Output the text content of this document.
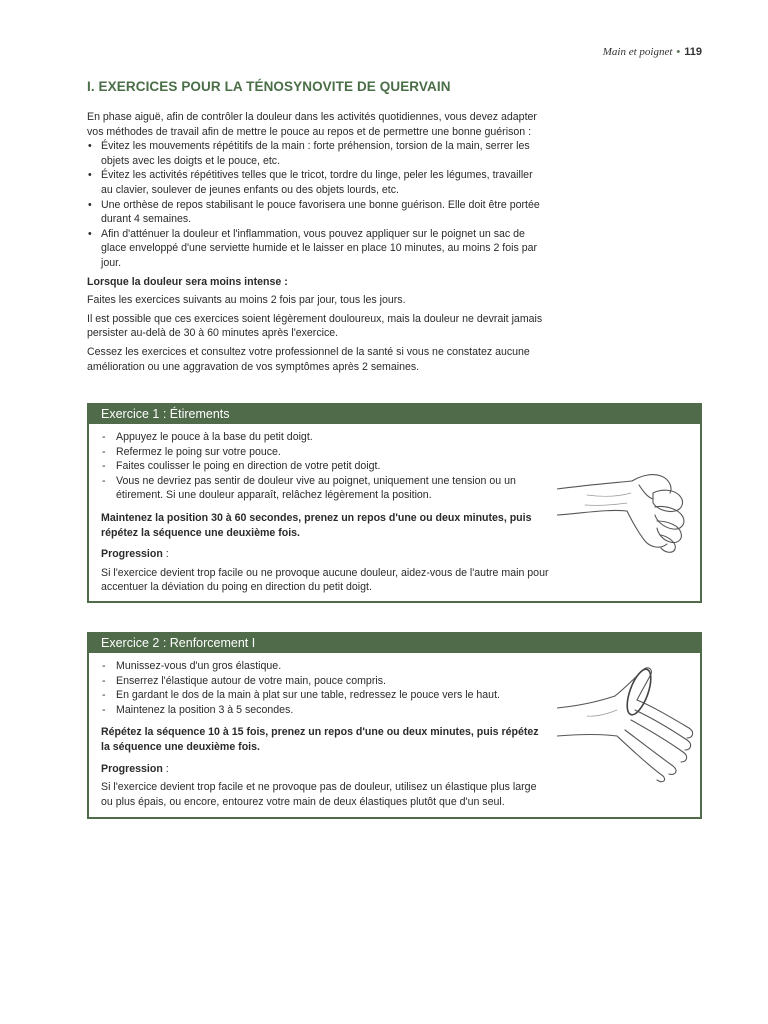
Main et poignet • 119
I. EXERCICES POUR LA TÉNOSYNOVITE DE QUERVAIN

En phase aiguë, afin de contrôler la douleur dans les activités quotidiennes, vous devez adapter vos méthodes de travail afin de mettre le pouce au repos et de permettre une bonne guérison :

• Évitez les mouvements répétitifs de la main : forte préhension, torsion de la main, serrer les objets avec les doigts et le pouce, etc.
• Évitez les activités répétitives telles que le tricot, tordre du linge, peler les légumes, travailler au clavier, soulever de jeunes enfants ou des objets lourds, etc.
• Une orthèse de repos stabilisant le pouce favorisera une bonne guérison. Elle doit être portée durant 4 semaines.
• Afin d'atténuer la douleur et l'inflammation, vous pouvez appliquer sur le poignet un sac de glace enveloppé d'une serviette humide et le laisser en place 10 minutes, au moins 2 fois par jour.

Lorsque la douleur sera moins intense :

Faites les exercices suivants au moins 2 fois par jour, tous les jours.

Il est possible que ces exercices soient légèrement douloureux, mais la douleur ne devrait jamais persister au-delà de 30 à 60 minutes après l'exercice.

Cessez les exercices et consultez votre professionnel de la santé si vous ne constatez aucune amélioration ou une aggravation de vos symptômes après 2 semaines.

Exercice 1 : Étirements
- Appuyez le pouce à la base du petit doigt.
- Refermez le poing sur votre pouce.
- Faites coulisser le poing en direction de votre petit doigt.
- Vous ne devriez pas sentir de douleur vive au poignet, uniquement une tension ou un étirement. Si une douleur apparaît, relâchez légèrement la position.

Maintenez la position 30 à 60 secondes, prenez un repos d'une ou deux minutes, puis répétez la séquence une deuxième fois.

Progression :

Si l'exercice devient trop facile ou ne provoque aucune douleur, aidez-vous de l'autre main pour accentuer la déviation du poing en direction du petit doigt.

Exercice 2 : Renforcement I
- Munissez-vous d'un gros élastique.
- Enserrez l'élastique autour de votre main, pouce compris.
- En gardant le dos de la main à plat sur une table, redressez le pouce vers le haut.
- Maintenez la position 3 à 5 secondes.

Répétez la séquence 10 à 15 fois, prenez un repos d'une ou deux minutes, puis répétez la séquence une deuxième fois.

Progression :

Si l'exercice devient trop facile et ne provoque pas de douleur, utilisez un élastique plus large ou plus épais, ou encore, entourez votre main de deux élastiques plutôt que d'un seul.
